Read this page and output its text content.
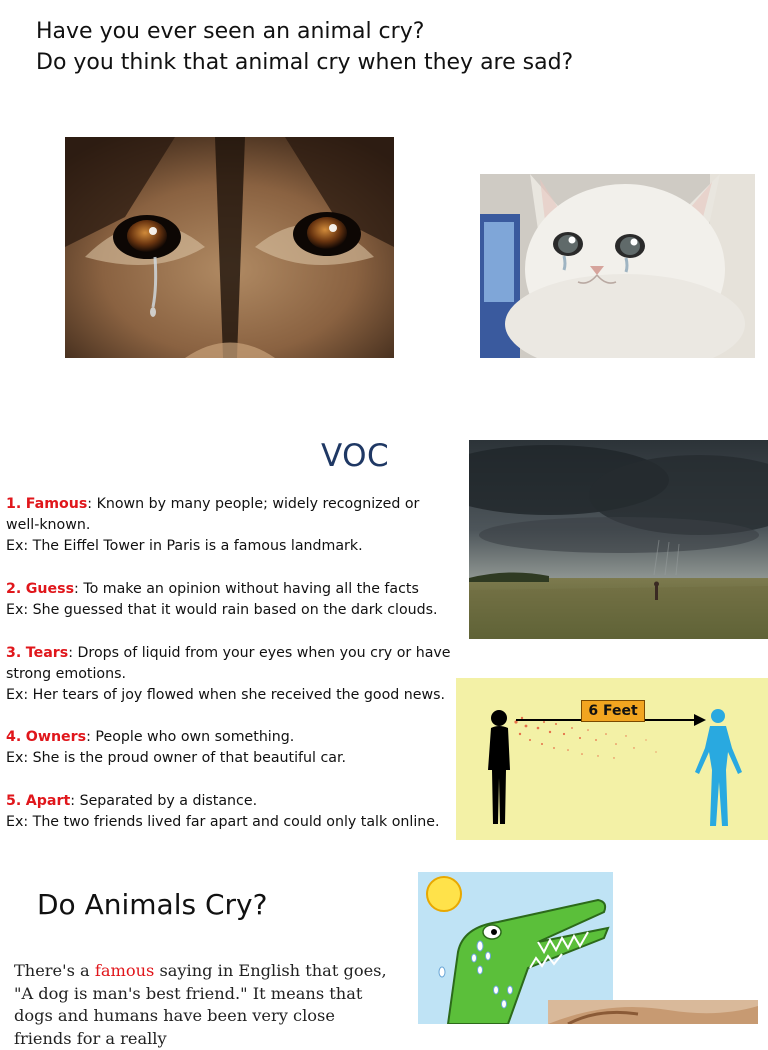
Have you ever seen an animal cry?
Do you think that animal cry when they are sad?
VOC

1. Famous: Known by many people; widely recognized or well-known.

Ex: The Eiffel Tower in Paris is a famous landmark.

2. Guess: To make an opinion without having all the facts

Ex: She guessed that it would rain based on the dark clouds.

3. Tears: Drops of liquid from your eyes when you cry or have strong emotions.

Ex: Her tears of joy flowed when she received the good news.

4. Owners: People who own something.

Ex: She is the proud owner of that beautiful car.

5. Apart: Separated by a distance.

Ex: The two friends lived far apart and could only talk online.

6 Feet
Do Animals Cry?
There's a famous saying in English that goes, "A dog is man's best friend." It means that dogs and humans have been very close friends for a really
